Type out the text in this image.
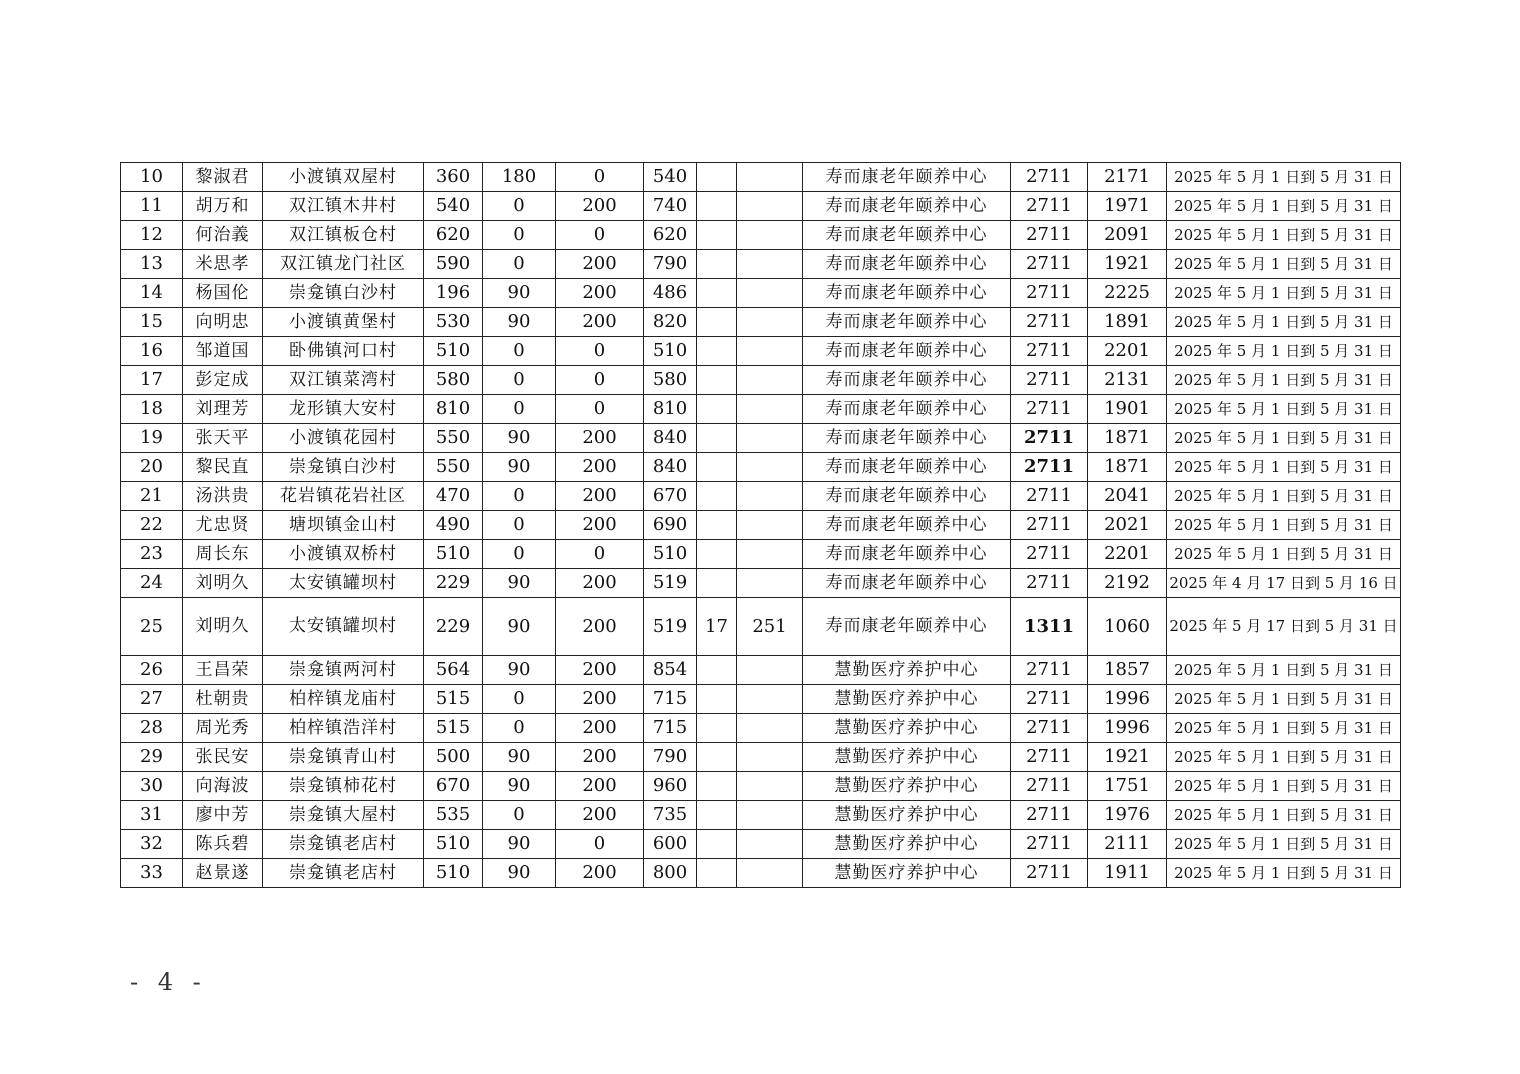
10	黎淑君	小渡镇双屋村	360	180	0	540			寿而康老年颐养中心	2711	2171	2025 年 5 月 1 日到 5 月 31 日
11	胡万和	双江镇木井村	540	0	200	740			寿而康老年颐养中心	2711	1971	2025 年 5 月 1 日到 5 月 31 日
12	何治義	双江镇板仓村	620	0	0	620			寿而康老年颐养中心	2711	2091	2025 年 5 月 1 日到 5 月 31 日
13	米思孝	双江镇龙门社区	590	0	200	790			寿而康老年颐养中心	2711	1921	2025 年 5 月 1 日到 5 月 31 日
14	杨国伦	崇龛镇白沙村	196	90	200	486			寿而康老年颐养中心	2711	2225	2025 年 5 月 1 日到 5 月 31 日
15	向明忠	小渡镇黄堡村	530	90	200	820			寿而康老年颐养中心	2711	1891	2025 年 5 月 1 日到 5 月 31 日
16	邹道国	卧佛镇河口村	510	0	0	510			寿而康老年颐养中心	2711	2201	2025 年 5 月 1 日到 5 月 31 日
17	彭定成	双江镇菜湾村	580	0	0	580			寿而康老年颐养中心	2711	2131	2025 年 5 月 1 日到 5 月 31 日
18	刘理芳	龙形镇大安村	810	0	0	810			寿而康老年颐养中心	2711	1901	2025 年 5 月 1 日到 5 月 31 日
19	张天平	小渡镇花园村	550	90	200	840			寿而康老年颐养中心	2711	1871	2025 年 5 月 1 日到 5 月 31 日
20	黎民直	崇龛镇白沙村	550	90	200	840			寿而康老年颐养中心	2711	1871	2025 年 5 月 1 日到 5 月 31 日
21	汤洪贵	花岩镇花岩社区	470	0	200	670			寿而康老年颐养中心	2711	2041	2025 年 5 月 1 日到 5 月 31 日
22	尤忠贤	塘坝镇金山村	490	0	200	690			寿而康老年颐养中心	2711	2021	2025 年 5 月 1 日到 5 月 31 日
23	周长东	小渡镇双桥村	510	0	0	510			寿而康老年颐养中心	2711	2201	2025 年 5 月 1 日到 5 月 31 日
24	刘明久	太安镇罐坝村	229	90	200	519			寿而康老年颐养中心	2711	2192	2025 年 4 月 17 日到 5 月 16 日
25	刘明久	太安镇罐坝村	229	90	200	519	17	251	寿而康老年颐养中心	1311	1060	2025 年 5 月 17 日到 5 月 31 日
26	王昌荣	崇龛镇两河村	564	90	200	854			慧勤医疗养护中心	2711	1857	2025 年 5 月 1 日到 5 月 31 日
27	杜朝贵	柏梓镇龙庙村	515	0	200	715			慧勤医疗养护中心	2711	1996	2025 年 5 月 1 日到 5 月 31 日
28	周光秀	柏梓镇浩洋村	515	0	200	715			慧勤医疗养护中心	2711	1996	2025 年 5 月 1 日到 5 月 31 日
29	张民安	崇龛镇青山村	500	90	200	790			慧勤医疗养护中心	2711	1921	2025 年 5 月 1 日到 5 月 31 日
30	向海波	崇龛镇柿花村	670	90	200	960			慧勤医疗养护中心	2711	1751	2025 年 5 月 1 日到 5 月 31 日
31	廖中芳	崇龛镇大屋村	535	0	200	735			慧勤医疗养护中心	2711	1976	2025 年 5 月 1 日到 5 月 31 日
32	陈兵碧	崇龛镇老店村	510	90	0	600			慧勤医疗养护中心	2711	2111	2025 年 5 月 1 日到 5 月 31 日
33	赵景遂	崇龛镇老店村	510	90	200	800			慧勤医疗养护中心	2711	1911	2025 年 5 月 1 日到 5 月 31 日
- 4 -
